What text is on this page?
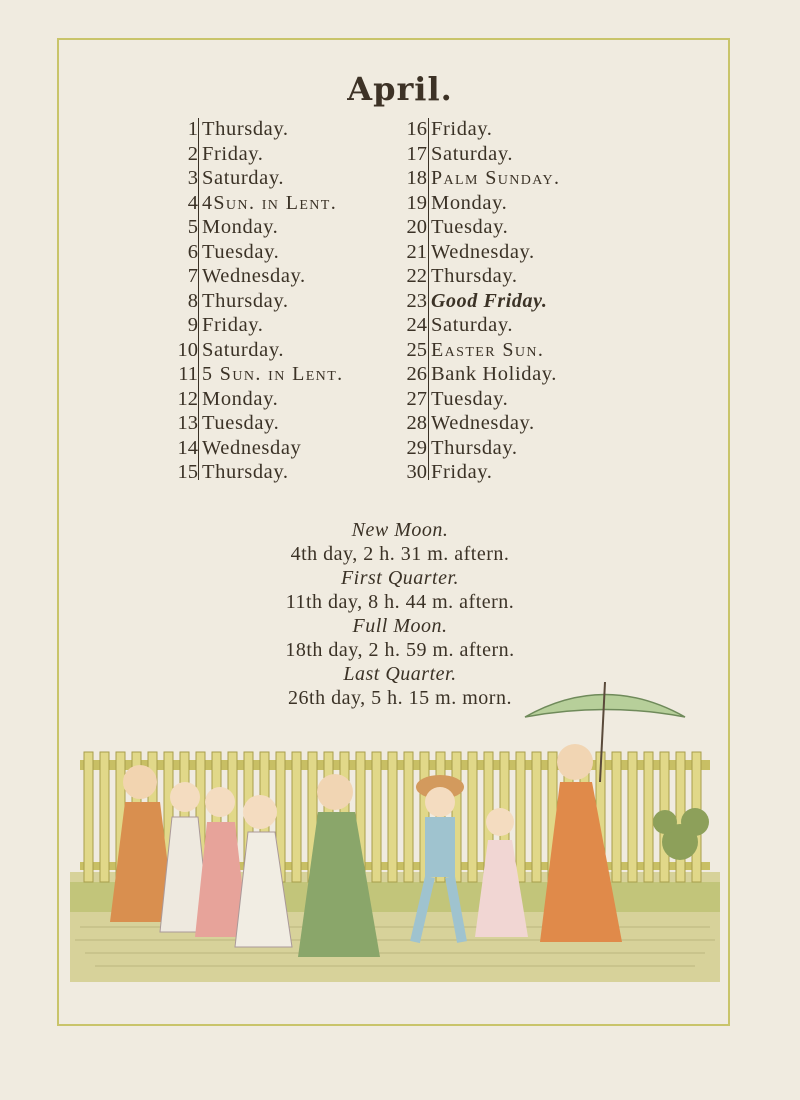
April.
1 Thursday.
2 Friday.
3 Saturday.
4 4Sun. in Lent.
5 Monday.
6 Tuesday.
7 Wednesday.
8 Thursday.
9 Friday.
10 Saturday.
11 5 Sun. in Lent.
12 Monday.
13 Tuesday.
14 Wednesday
15 Thursday.
16 Friday.
17 Saturday.
18 Palm Sunday.
19 Monday.
20 Tuesday.
21 Wednesday.
22 Thursday.
23 Good Friday.
24 Saturday.
25 Easter Sun.
26 Bank Holiday.
27 Tuesday.
28 Wednesday.
29 Thursday.
30 Friday.
New Moon.
4th day, 2 h. 31 m. aftern.
First Quarter.
11th day, 8 h. 44 m. aftern.
Full Moon.
18th day, 2 h. 59 m. aftern.
Last Quarter.
26th day, 5 h. 15 m. morn.
